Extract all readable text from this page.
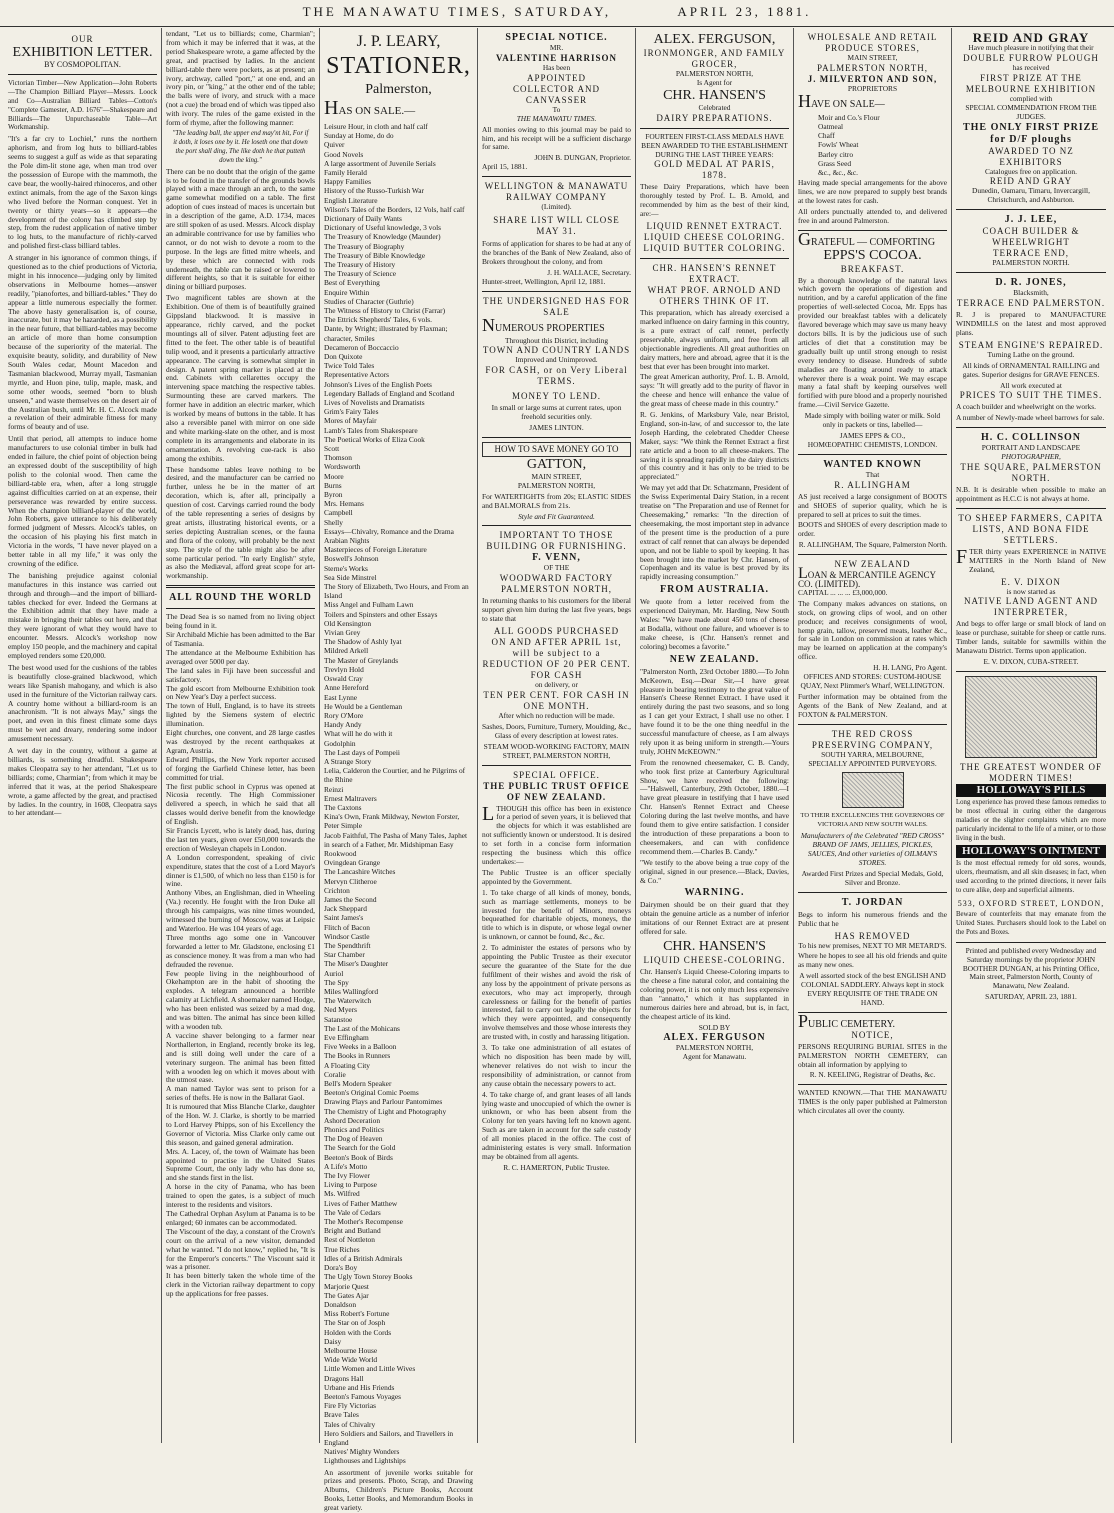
THE MANAWATU TIMES, SATURDAY,	APRIL 23, 1881.
OUR
EXHIBITION LETTER.
BY COSMOPOLITAN.
Victorian Timber—New Application—John Roberts—The Champion Billiard Player—Messrs. Loock and Co—Australian Billiard Tables—Cotton's "Complete Gamester, A.D. 1676"—Shakespeare and Billiards—The Unpurchaseable Table—Art Workmanship.

"It's a far cry to Lochiel," runs the northern aphorism, and from log huts to billiard-tables seems to suggest a gulf as wide as that separating the Pole dim-lit stone age, when man trod over the possession of Europe with the mammoth, the cave bear, the woolly-haired rhinoceros, and other extinct animals, from the age of the Saxon kings who lived before the Norman conquest. Yet in twenty or thirty years—so it appears—the development of the colony has climbed step by step, from the rudest application of native timber to log huts, to the manufacture of richly-carved and polished first-class billiard tables.

A stranger in his ignorance of common things, if questioned as to the chief productions of Victoria, might in his innocence—judging only by limited observations in Melbourne homes—answer readily, "pianofortes, and billiard-tables." They do appear a little numerous especially the former. The above hasty generalisation is, of course, inaccurate, but it may be hazarded, as a possibility in the near future, that billiard-tables may become an article of more than home consumption because of the superiority of the material. The exquisite beauty, solidity, and durability of New South Wales cedar, Mount Macedon and Tasmanian blackwood, Murray myall, Tasmanian myrtle, and Huon pine, tulip, maple, mask, and some other woods, seemed "born to blush unseen," and waste themselves on the desert air of the Australian bush, until Mr. H. C. Alcock made a revelation of their admirable fitness for many forms of beauty and of use.

Until that period, all attempts to induce home manufacturers to use colonial timber in bulk had ended in failure, the chief point of objection being an expressed doubt of the susceptibility of high polish to the colonial wood. Then came the billiard-table era, when, after a long struggle against difficulties carried on at an expense, their perseverance was rewarded by entire success. When the champion billiard-player of the world, John Roberts, gave utterance to his deliberately formed judgment of Messrs. Alcock's tables, on the occasion of his playing his first match in Victoria in the words, "I have never played on a better table in all my life," it was only the crowning of the edifice.

The banishing prejudice against colonial manufactures in this instance was carried out through and through—and the import of billiard-tables checked for ever. Indeed the Germans at the Exhibition admit that they have made a mistake in bringing their tables out here, and that they were ignorant of what they would have to encounter. Messrs. Alcock's workshop now employ 150 people, and the machinery and capital employed renders some £20,000.

The best wood used for the cushions of the tables is beautifully close-grained blackwood, which wears like Spanish mahogany, and which is also used in the furniture of the Victorian railway cars. A country home without a billiard-room is an anachronism. "It is not always May," sings the poet, and even in this finest climate some days must be wet and dreary, rendering some indoor amusement necessary.

A wet day in the country, without a game at billiards, is something dreadful. Shakespeare makes Cleopatra say to her attendant, "Let us to billiards; come, Charmian"; from which it may be inferred that it was, at the period Shakespeare wrote, a game affected by the great, and practised by ladies. In the country, in 1608, Cleopatra says to her attendant—

tendant, "Let us to billiards; come, Charmian"; from which it may be inferred that it was, at the period Shakespeare wrote, a game affected by the great, and practised by ladies. In the ancient billiard-table there were pockets, as at present; an ivory, archway, called "port," at one end, and an ivory pin, or "king," at the other end of the table; the balls were of ivory, and struck with a mace (not a cue) the broad end of which was tipped also with ivory. The rules of the game existed in the form of rhyme, after the following manner:

"The leading ball, the upper end may'nt hit, For if it doth, it loses one by it. He loseth one that down the port shall ding, The like doth he that putteth down the king."

There can be no doubt that the origin of the game is to be found in the transfer of the grounds bowls played with a mace through an arch, to the same game somewhat modified on a table. The first adoption of cues instead of maces is uncertain but in a description of the game, A.D. 1734, maces are still spoken of as used. Messrs. Alcock display an admirable contrivance for use by families who cannot, or do not wish to devote a room to the purpose. In the legs are fitted mitre wheels, and by these which are connected with rods underneath, the table can be raised or lowered to different heights, so that it is suitable for either dining or billiard purposes.

Two magnificent tables are shown at the Exhibition. One of them is of beautifully grained Gippsland blackwood. It is massive in appearance, richly carved, and the pocket mountings all of silver. Patent adjusting feet are fitted to the feet. The other table is of beautiful tulip wood, and it presents a particularly attractive appearance. The carving is somewhat simpler in design. A patent spring marker is placed at the end. Cabinets with cellarettes occupy the intervening space matching the respective tables. Surmounting these are carved markers. The former have in addition an electric marker, which is worked by means of buttons in the table. It has also a reversible panel with mirror on one side and white marking-slate on the other, and is most complete in its arrangements and elaborate in its ornamentation. A revolving cue-rack is also among the exhibits.

These handsome tables leave nothing to be desired, and the manufacturer can be carried no further, unless he be in the matter of art decoration, which is, after all, principally a question of cost. Carvings carried round the body of the table representing a series of designs by great artists, illustrating historical events, or a series depicting Australian scenes, or the fauna and flora of the colony, will probably be the next step. The style of the table might also be after some particular period. "In early English" style, as also the Mediæval, afford great scope for art-workmanship.

ALL ROUND THE WORLD
The Dead Sea is so named from no living object being found in it.
Sir Archibald Michie has been admitted to the Bar of Tasmania.
The attendance at the Melbourne Exhibition has averaged over 5000 per day.
The land sales in Fiji have been successful and satisfactory.
The gold escort from Melbourne Exhibition took on New Year's Day a perfect success.
The town of Hull, England, is to have its streets lighted by the Siemens system of electric illumination.
Eight churches, one convent, and 28 large castles was destroyed by the recent earthquakes at Agram, Austria.
Edward Phillips, the New York reporter accused of forging the Garfield Chinese letter, has been committed for trial.
The first public school in Cyprus was opened at Nicosia recently. The High Commissioner delivered a speech, in which he said that all classes would derive benefit from the knowledge of English.
Sir Francis Lycett, who is lately dead, has, during the last ten years, given over £50,000 towards the erection of Wesleyan chapels in London.
A London correspondent, speaking of civic expenditure, states that the cost of a Lord Mayor's dinner is £1,500, of which no less than £150 is for wine.
Anthony Vibes, an Englishman, died in Wheeling (Va.) recently. He fought with the Iron Duke all through his campaigns, was nine times wounded, witnessed the burning of Moscow, was at Leipsic and Waterloo. He was 104 years of age.
Three months ago some one in Vancouver forwarded a letter to Mr. Gladstone, enclosing £1 as conscience money. It was from a man who had defrauded the revenue.
Few people living in the neighbourhood of Okehampton are in the habit of shooting the explodes. A telegram announced a horrible calamity at Lichfield. A shoemaker named Hodge, who has been enlisted was seized by a mad dog, and was bitten. The animal has since been killed with a wooden tub.
A vaccine shaver belonging to a farmer near Northallerton, in England, recently broke its leg, and is still doing well under the care of a veterinary surgeon. The animal has been fitted with a wooden leg on which it moves about with the utmost ease.
A man named Taylor was sent to prison for a series of thefts. He is now in the Ballarat Gaol.
It is rumoured that Miss Blanche Clarke, daughter of the Hon. W. J. Clarke, is shortly to be married to Lord Harvey Phipps, son of his Excellency the Governor of Victoria. Miss Clarke only came out this season, and gained general admiration.
Mrs. A. Lacey, of, the town of Waimate has been appointed to practise in the United States Supreme Court, the only lady who has done so, and she stands first in the list.
A horse in the city of Panama, who has been trained to open the gates, is a subject of much interest to the residents and visitors.
The Cathedral Orphan Asylum at Panama is to be enlarged; 60 inmates can be accommodated.
The Viscount of the day, a constant of the Crown's court on the arrival of a new visitor, demanded what he wanted. "I do not know," replied he, "It is for the Emperor's concerts." The Viscount said it was a prisoner.
It has been bitterly taken the whole time of the clerk in the Victorian railway department to copy up the applications for free passes.
J. P. LEARY,
STATIONER,
Palmerston,
HAS ON SALE.—
Leisure Hour, in cloth and half calf
Sunday at Home, do do
Quiver
Good Novels
A large assortment of Juvenile Serials
Family Herald
Happy Families
History of the Russo-Turkish War
English Literature
Wilson's Tales of the Borders, 12 Vols, half calf
Dictionary of Daily Wants
Dictionary of Useful knowledge, 3 vols
The Treasury of Knowledge (Maunder)
The Treasury of Biography
The Treasury of Bible Knowledge
The Treasury of History
The Treasury of Science
Best of Everything
Enquire Within
Studies of Character (Guthrie)
The Witness of History to Christ (Farrar)
The Ettrick Shepherds' Tales, 6 vols.
Dante, by Wright; illustrated by Flaxman; character, Smiles
Decameron of Boccaccio
Don Quixote
Twice Told Tales
Representative Actors
Johnson's Lives of the English Poets
Legendary Ballads of England and Scotland
Lives of Novelists and Dramatists
Grim's Fairy Tales
Mores of Mayfair
Lamb's Tales from Shakespeare
The Poetical Works of Eliza Cook
Scott
Thomson
Wordsworth
Moore
Burns
Byron
Mrs. Hemans
Campbell
Shelly
Essays—Chivalry, Romance and the Drama
Arabian Nights
Masterpieces of Foreign Literature
Boswell's Johnson
Sterne's Works
Sea Side Minstrel
The Story of Elizabeth, Two Hours, and From an Island
Miss Angel and Fulham Lawn
Toilers and Spinsters and other Essays
Old Kensington
Vivian Grey
The Shadow of Ashly Iyat
Mildred Arkell
The Master of Greylands
Trevlyn Hold
Oswald Cray
Anne Hereford
East Lynne
He Would be a Gentleman
Rory O'More
Handy Andy
What will he do with it
Godolphin
The Last days of Pompeii
A Strange Story
Lelia, Calderon the Courtier, and he Pilgrims of the Rhine
Reinzi
Ernest Maltravers
The Caxtons
Kina's Own, Frank Mildway, Newton Forster, Peter Simple
Jacob Faithful, The Pasha of Many Tales, Japhet in search of a Father, Mr. Midshipman Easy
Rookwood
Ovingdean Grange
The Lancashire Witches
Mervyn Clitheroe
Crichton
James the Second
Jack Sheppard
Saint James's
Flitch of Bacon
Windsor Castle
The Spendthrift
Star Chamber
The Miser's Daughter
Auriol
The Spy
Miles Wallingford
The Waterwitch
Ned Myers
Satanstoe
The Last of the Mohicans
Eve Effingham
Five Weeks in a Balloon
The Books in Runners
A Floating City
Coralie
Bell's Modern Speaker
Beeton's Original Comic Poems
Drawing Plays and Parlour Pantomimes
The Chemistry of Light and Photography
Ashord Deceration
Phonics and Politics
The Dog of Heaven
The Search for the Gold
Beeton's Book of Birds
A Life's Motto
The Ivy Flower
Living to Purpose
Ms. Wilfred
Lives of Father Matthew
The Vale of Cedars
The Mother's Recompense
Bright and Butland
Rest of Nottleton
True Riches
Idles of a British Admirals
Dora's Boy
The Ugly Town Storey Books
Marjorie Quest
The Gates Ajar
Donaldson
Miss Robert's Fortune
The Star on of Josph
Holden with the Cords
Daisy
Melbourne House
Wide Wide World
Little Women and Little Wives
Dragons Hall
Urbane and His Friends
Beeton's Famous Voyages
Fire Fly Victorias
Brave Tales
Tales of Chivalry
Hero Soldiers and Sailors, and Travellers in England
Natives' Mighty Wonders
Lighthouses and Lightships

An assortment of juvenile works suitable for prizes and presents. Photo, Scrap, and Drawing Albums, Children's Picture Books, Account Books, Letter Books, and Memorandum Books in great variety.

SPECIAL NOTICE.
MR.
VALENTINE HARRISON
Has been
APPOINTED
COLLECTOR AND CANVASSER
To
THE MANAWATU TIMES.

All monies owing to this journal may be paid to him, and his receipt will be a sufficient discharge for same.

JOHN B. DUNGAN, Proprietor.
April 15, 1881.
WELLINGTON & MANAWATU RAILWAY COMPANY
(Limited).
SHARE LIST WILL CLOSE MAY 31.

Forms of application for shares to be had at any of the branches of the Bank of New Zealand, also of Brokers throughout the colony, and from

J. H. WALLACE, Secretary.
Hunter-street, Wellington, April 12, 1881.
THE UNDERSIGNED HAS FOR SALE
NUMEROUS PROPERTIES
Throughout this District, including
TOWN AND COUNTRY LANDS
Improved and Unimproved.
FOR CASH, or on Very Liberal TERMS.
MONEY TO LEND.

In small or large sums at current rates, upon freehold securities only.

JAMES LINTON.
HOW TO SAVE MONEY GO TO
GATTON,
MAIN STREET,
PALMERSTON NORTH,

For WATERTIGHTS from 20s; ELASTIC SIDES and BALMORALS from 21s.

Style and Fit Guaranteed.
IMPORTANT TO THOSE BUILDING OR FURNISHING.
F. VENN,
OF THE
WOODWARD FACTORY PALMERSTON NORTH,

In returning thanks to his customers for the liberal support given him during the last five years, begs to state that

ALL GOODS PURCHASED
ON AND AFTER APRIL 1st,
will be subject to a REDUCTION OF 20 PER CENT. FOR CASH
on delivery, or
TEN PER CENT. FOR CASH IN ONE MONTH.
After which no reduction will be made.

Sashes, Doors, Furniture, Turnery, Moulding, &c., Glass of every description at lowest rates.

STEAM WOOD-WORKING FACTORY, MAIN STREET, PALMERSTON NORTH,
SPECIAL OFFICE.
THE PUBLIC TRUST OFFICE OF NEW ZEALAND.

LTHOUGH this office has been in existence for a period of seven years, it is believed that the objects for which it was established are not sufficiently known or understood. It is desired to set forth in a concise form information respecting the business which this office undertakes:—

The Public Trustee is an officer specially appointed by the Government.

1. To take charge of all kinds of money, bonds, such as marriage settlements, moneys to be invested for the benefit of Minors, moneys bequeathed for charitable objects, moneys, the title to which is in dispute, or whose legal owner is unknown, or cannot be found, &c., &c.

2. To administer the estates of persons who by appointing the Public Trustee as their executor secure the guarantee of the State for the due fulfilment of their wishes and avoid the risk of any loss by the appointment of private persons as executors, who may act improperly, through carelessness or failing for the benefit of parties interested, fail to carry out legally the objects for which they were appointed, and consequently involve themselves and those whose interests they are trusted with, in costly and harassing litigation.

3. To take one administration of all estates of which no disposition has been made by will, whenever relatives do not wish to incur the responsibility of administration, or cannot from any cause obtain the necessary powers to act.

4. To take charge of, and grant leases of all lands lying waste and unoccupied of which the owner is unknown, or who has been absent from the Colony for ten years having left no known agent. Such as are taken in account for the safe custody of all monies placed in the office. The cost of administering estates is very small. Information may be obtained from all agents.

R. C. HAMERTON, Public Trustee.
ALEX. FERGUSON,
IRONMONGER, AND FAMILY GROCER,
PALMERSTON NORTH,
Is Agent for
CHR. HANSEN'S
Celebrated
DAIRY PREPARATIONS.
FOURTEEN FIRST-CLASS MEDALS HAVE BEEN AWARDED TO THE ESTABLISHMENT DURING THE LAST THREE YEARS:
GOLD MEDAL AT PARIS, 1878.

These Dairy Preparations, which have been thoroughly tested by Prof. L. B. Arnold, and recommended by him as the best of their kind, are:—

LIQUID RENNET EXTRACT.
LIQUID CHEESE COLORING.
LIQUID BUTTER COLORING.
CHR. HANSEN'S RENNET EXTRACT.
WHAT PROF. ARNOLD AND OTHERS THINK OF IT.

This preparation, which has already exercised a marked influence on dairy farming in this country, is a pure extract of calf rennet, perfectly preservable, always uniform, and free from all objectionable ingredients. All great authorities on dairy matters, here and abroad, agree that it is the best that ever has been brought into market.

The great American authority, Prof. L. B. Arnold, says: "It will greatly add to the purity of flavor in the cheese and hence will enhance the value of the great mass of cheese made in this country."

R. G. Jenkins, of Marksbury Vale, near Bristol, England, son-in-law, of and successor to, the late Joseph Harding, the celebrated Chedder Cheese Maker, says: "We think the Rennet Extract a first rate article and a boon to all cheese-makers. The saving it is spreading rapidly in the dairy districts of this country and it has only to be tried to be appreciated."

We may yet add that Dr. Schatzmann, President of the Swiss Experimental Dairy Station, in a recent treatise on "The Preparation and use of Rennet for Cheesemaking," remarks: "In the direction of cheesemaking, the most important step in advance of the present time is the production of a pure extract of calf rennet that can always be depended upon, and not be liable to spoil by keeping. It has been brought into the market by Chr. Hansen, of Copenhagen and its value is best proved by its rapidly increasing consumption."

FROM AUSTRALIA.

We quote from a letter received from the experienced Dairyman, Mr. Harding, New South Wales: "We have made about 450 tons of cheese at Bodalla, without one failure, and whoever is to make cheese, is (Chr. Hansen's rennet and coloring) becomes a favorite."

NEW ZEALAND.

"Palmerston North, 23rd October 1880.—To John McKeown, Esq.—Dear Sir,—I have great pleasure in bearing testimony to the great value of Hansen's Cheese Rennet Extract. I have used it entirely during the past two seasons, and so long as I can get your Extract, I shall use no other. I have found it to be the one thing needful in the successful manufacture of cheese, as I am always rely upon it as being uniform in strength.—Yours truly, JOHN McKEOWN."

From the renowned cheesemaker, C. B. Candy, who took first prize at Canterbury Agricultural Show, we have received the following:—"Halswell, Canterbury, 29th October, 1880.—I have great pleasure in testifying that I have used Chr. Hansen's Rennet Extract and Cheese Coloring during the last twelve months, and have found them to give entire satisfaction. I consider the introduction of these preparations a boon to cheesemakers, and can with confidence recommend them.—Charles B. Candy."

"We testify to the above being a true copy of the original, signed in our presence.—Black, Davies, & Co."

WARNING.

Dairymen should be on their guard that they obtain the genuine article as a number of inferior imitations of our Rennet Extract are at present offered for sale.

CHR. HANSEN'S
LIQUID CHEESE-COLORING.

Chr. Hansen's Liquid Cheese-Coloring imparts to the cheese a fine natural color, and containing the coloring power, it is not only much less expensive than "annatto," which it has supplanted in numerous dairies here and abroad, but is, in fact, the cheapest article of its kind.

SOLD BY
ALEX. FERGUSON
PALMERSTON NORTH,
Agent for Manawatu.
WHOLESALE AND RETAIL PRODUCE STORES,
MAIN STREET,
PALMERSTON NORTH,
J. MILVERTON AND SON,
PROPRIETORS
HAVE ON SALE—
Moir and Co.'s Flour
Oatmeal
Chaff
Fowls' Wheat
Barley citro
Grass Seed
&c., &c., &c.

Having made special arrangements for the above lines, we are now prepared to supply best brands at the lowest rates for cash.

All orders punctually attended to, and delivered free in and around Palmerston.

GRATEFUL — COMFORTING
EPPS'S COCOA.
BREAKFAST.

By a thorough knowledge of the natural laws which govern the operations of digestion and nutrition, and by a careful application of the fine properties of well-selected Cocoa, Mr. Epps has provided our breakfast tables with a delicately flavored beverage which may save us many heavy doctors bills. It is by the judicious use of such articles of diet that a constitution may be gradually built up until strong enough to resist every tendency to disease. Hundreds of subtle maladies are floating around ready to attack wherever there is a weak point. We may escape many a fatal shaft by keeping ourselves well fortified with pure blood and a properly nourished frame.—Civil Service Gazette.

Made simply with boiling water or milk. Sold only in packets or tins, labelled—

JAMES EPPS & CO.,
HOMŒOPATHIC CHEMISTS, LONDON.
WANTED KNOWN
That
R. ALLINGHAM

AS just received a large consignment of BOOTS and SHOES of superior quality, which he is prepared to sell at prices to suit the times.

BOOTS and SHOES of every description made to order.

R. ALLINGHAM, The Square, Palmerston North.
NEW ZEALAND
LOAN & MERCANTILE AGENCY CO. (LIMITED).
CAPITAL ... ... ... £3,000,000.

The Company makes advances on stations, on stock, on growing clips of wool, and on other produce; and receives consignments of wool, hemp grain, tallow, preserved meats, leather &c., for sale in London on commission at rates which may be learned on application at the company's office.

H. H. LANG, Pro Agent.
OFFICES AND STORES: CUSTOM-HOUSE QUAY, Next Plimmer's Wharf, WELLINGTON.

Further information may be obtained from the Agents of the Bank of New Zealand, and at FOXTON & PALMERSTON.

THE RED CROSS PRESERVING COMPANY,
SOUTH YARRA, MELBOURNE,
SPECIALLY APPOINTED PURVEYORS.
TO THEIR EXCELLENCIES THE GOVERNORS OF VICTORIA AND NEW SOUTH WALES.

Manufacturers of the Celebrated "RED CROSS" BRAND OF JAMS, JELLIES, PICKLES, SAUCES, And other varieties of OILMAN'S STORES.

Awarded First Prizes and Special Medals, Gold, Silver and Bronze.
T. JORDAN

Begs to inform his numerous friends and the Public that he

HAS REMOVED
To his new premises, NEXT TO MR METARD'S.

Where he hopes to see all his old friends and quite as many new ones.

A well assorted stock of the best ENGLISH AND COLONIAL SADDLERY. Always kept in stock EVERY REQUISITE OF THE TRADE ON HAND.

PUBLIC CEMETERY.
NOTICE,

PERSONS REQUIRING BURIAL SITES in the PALMERSTON NORTH CEMETERY, can obtain all information by applying to

R. N. KEELING, Registrar of Deaths, &c.

WANTED KNOWN.—That THE MANAWATU TIMES is the only paper published at Palmerston which circulates all over the county.

REID AND GRAY
Have much pleasure in notifying that their
DOUBLE FURROW PLOUGH
has received
FIRST PRIZE AT THE MELBOURNE EXHIBITION
complied with
SPECIAL COMMENDATION FROM THE JUDGES.
THE ONLY FIRST PRIZE for D/F ploughs
AWARDED TO NZ EXHIBITORS
Catalogues free on application.
REID AND GRAY
Dunedin, Oamaru, Timaru, Invercargill, Christchurch, and Ashburton.
J. J. LEE,
COACH BUILDER & WHEELWRIGHT
TERRACE END,
PALMERSTON NORTH.
D. R. JONES,
Blacksmith,
TERRACE END PALMERSTON.

R. J is prepared to MANUFACTURE WINDMILLS on the latest and most approved plans.

STEAM ENGINE'S REPAIRED.
Turning Lathe on the ground.

All kinds of ORNAMENTAL RAILLING and gates. Superior designs for GRAVE FENCES.

All work executed at
PRICES TO SUIT THE TIMES.

A coach builder and wheelwright on the works.

A number of Newly-made wheel barrows for sale.

H. C. COLLINSON
PORTRAIT AND LANDSCAPE
PHOTOGRAPHER,
THE SQUARE, PALMERSTON NORTH.

N.B. It is desirable when possible to make an appointment as H.C.C is not always at home.

TO SHEEP FARMERS, CAPITA LISTS, AND BONA FIDE SETTLERS.

FTER thirty years EXPERIENCE in NATIVE MATTERS in the North Island of New Zealand,

E. V. DIXON
is now started as
NATIVE LAND AGENT AND INTERPRETER,

And begs to offer large or small block of land on lease or purchase, suitable for sheep or cattle runs. Timber lands, suitable for sawmills within the Manawatu District. Terms upon application.

E. V. DIXON, CUBA-STREET.
THE GREATEST WONDER OF MODERN TIMES!
HOLLOWAY'S PILLS

Long experience has proved these famous remedies to be most effectual in curing either the dangerous maladies or the slighter complaints which are more particularly incidental to the life of a miner, or to those living in the bush.

HOLLOWAY'S OINTMENT

Is the most effectual remedy for old sores, wounds, ulcers, rheumatism, and all skin diseases; in fact, when used according to the printed directions, it never fails to cure alike, deep and superficial ailments.

533, OXFORD STREET, LONDON,

Beware of counterfeits that may emanate from the United States. Purchasers should look to the Label on the Pots and Boxes.

Printed and published every Wednesday and Saturday mornings by the proprietor JOHN BOOTHER DUNGAN, at his Printing Office, Main street, Palmerston North, County of Manawatu, New Zealand.

SATURDAY, APRIL 23, 1881.
